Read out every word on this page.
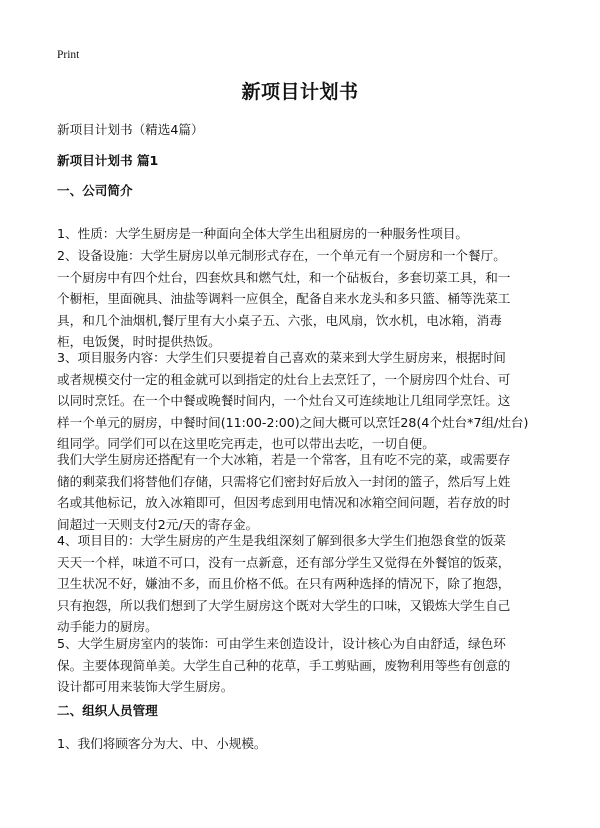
Print
新项目计划书
新项目计划书（精选4篇）
新项目计划书 篇1
一、公司简介

1、性质：大学生厨房是一种面向全体大学生出租厨房的一种服务性项目。

2、设备设施：大学生厨房以单元制形式存在，一个单元有一个厨房和一个餐厅。
一个厨房中有四个灶台，四套炊具和燃气灶，和一个砧板台，多套切菜工具，和一
个橱柜，里面碗具、油盐等调料一应俱全，配备自来水龙头和多只篮、桶等洗菜工
具，和几个油烟机,餐厅里有大小桌子五、六张，电风扇，饮水机，电冰箱，消毒
柜，电饭煲，时时提供热饭。
3、项目服务内容：大学生们只要提着自己喜欢的菜来到大学生厨房来，根据时间
或者规模交付一定的租金就可以到指定的灶台上去烹饪了，一个厨房四个灶台、可
以同时烹饪。在一个中餐或晚餐时间内，一个灶台又可连续地让几组同学烹饪。这
样一个单元的厨房，中餐时间(11:00-2:00)之间大概可以烹饪28(4个灶台*7组/灶台)
组同学。同学们可以在这里吃完再走，也可以带出去吃，一切自便。
我们大学生厨房还搭配有一个大冰箱，若是一个常客，且有吃不完的菜，或需要存
储的剩菜我们将替他们存储，只需将它们密封好后放入一封闭的篮子，然后写上姓
名或其他标记，放入冰箱即可，但因考虑到用电情况和冰箱空间问题，若存放的时
间超过一天则支付2元/天的寄存金。
4、项目目的：大学生厨房的产生是我组深刻了解到很多大学生们抱怨食堂的饭菜
天天一个样，味道不可口，没有一点新意，还有部分学生又觉得在外餐馆的饭菜，
卫生状况不好，嫌油不多，而且价格不低。在只有两种选择的情况下，除了抱怨，
只有抱怨，所以我们想到了大学生厨房这个既对大学生的口味，又锻炼大学生自己
动手能力的厨房。
5、大学生厨房室内的装饰：可由学生来创造设计，设计核心为自由舒适，绿色环
保。主要体现简单美。大学生自己种的花草，手工剪贴画，废物利用等些有创意的
设计都可用来装饰大学生厨房。
二、组织人员管理
1、我们将顾客分为大、中、小规模。
